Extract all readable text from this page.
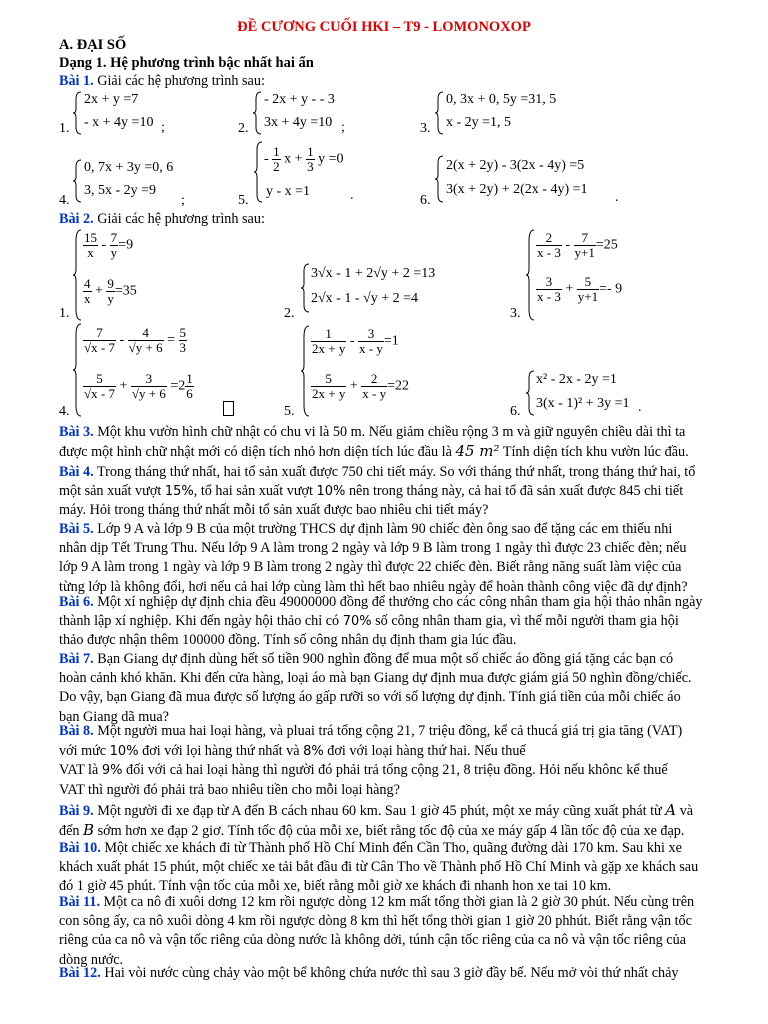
ĐỀ CƯƠNG CUỐI HKI – T9 - LOMONOXOP
A. ĐẠI SỐ
Dạng 1. Hệ phương trình bậc nhất hai ẩn
Bài 1. Giải các hệ phương trình sau:
1.
2x + y =7
- x + 4y =10 ;	2.
- 2x + y - - 3
3x + 4y =10 ;	3.
0, 3x + 0, 5y =31, 5
x - 2y =1, 5
4.
0, 7x + 3y =0, 6
3, 5x - 2y =9
;	5.
- $\frac{1}{2}$ $x + \frac{1}{3}$ y =0
y - x =1	.	6.
2(x + 2y) - 3(2x - 4y) =5
3(x + 2y) + 2(2x - 4y) =1
.
Bài 2. Giải các hệ phương trình sau:
1.
$\frac{15}{x} - \frac{7}{y} =9$
$\frac{4}{x} + \frac{9}{y} =35$
2.
3√x - 1 + 2√y + 2 =13
2√x - 1 - √y + 2 =4
3.
$\frac{2}{x - 3} - \frac{7}{y+1} =25$
$\frac{3}{x - 3} + \frac{5}{y+1} =- 9$
4.
$\frac{7}{√x - 7} - \frac{4}{√y + 6} = \frac{5}{3}$
$\frac{5}{√x - 7} + \frac{3}{√y + 6} =2 \frac{1}{6}$
5.
$\frac{1}{2x + y} - \frac{3}{x - y} =1$
$\frac{5}{2x + y} + \frac{2}{x - y} =22$
6.
x² - 2x - 2y =1
3(x - 1)² + 3y =1 .
Bài 3. Một khu vườn hình chữ nhật có chu vi là 50 m. Nếu giảm chiều rộng 3 m và giữ nguyên chiều dài thì ta
được một hình chữ nhật mới có diện tích nhỏ hơn diện tích lúc đầu là 45 m² Tính diện tích khu vườn lúc đầu.
Bài 4. Trong tháng thứ nhất, hai tổ sản xuất được 750 chi tiết máy. So với tháng thứ nhất, trong tháng thứ hai, tổ
một sản xuất vượt 15%, tổ hai sản xuất vượt 10% nên trong tháng này, cả hai tổ đã sản xuất được 845 chi tiết
máy. Hỏi trong tháng thứ nhất mỗi tổ sản xuất được bao nhiêu chi tiết máy?
Bài 5. Lớp 9 A và lớp 9 B của một trường THCS dự định làm 90 chiếc đèn ông sao để tặng các em thiếu nhi
nhân dịp Tết Trung Thu. Nếu lớp 9 A làm trong 2 ngày và lớp 9 B làm trong 1 ngày thì được 23 chiếc đèn; nếu
lớp 9 A làm trong 1 ngày và lớp 9 B làm trong 2 ngày thì được 22 chiếc đèn. Biết rằng năng suất làm việc của
từng lớp là không đổi, hơi nếu cả hai lớp cùng làm thì hết bao nhiêu ngày để hoàn thành công việc đã dự định?
Bài 6. Một xí nghiệp dự định chia đều 49000000 đồng để thưởng cho các công nhân tham gia hội thảo nhân ngày
thành lập xí nghiệp. Khi đến ngày hội thảo chỉ có 70% số công nhân tham gia, vì thế mỗi người tham gia hội
thảo được nhận thêm 100000 đồng. Tính số công nhân dụ định tham gia lúc đầu.
Bài 7. Bạn Giang dự định dùng hết số tiền 900 nghìn đồng để mua một số chiếc áo đồng giá tặng các bạn có
hoàn cảnh khó khăn. Khi đến cửa hàng, loại áo mà bạn Giang dự định mua được giám giá 50 nghìn đồng/chiếc.
Do vậy, bạn Giang đã mua được số lượng áo gấp rưỡi so với số lượng dự định. Tính giá tiền của mỗi chiếc áo
bạn Giang dã mua?
Bài 8. Một người mua hai loại hàng, và pluai trá tổng cộng 21, 7 triệu đồng, kể cả thucá giá trị gia tăng (VAT)
với mức 10% đơi với lọi hàng thứ nhất và 8% đơi với loại hàng thứ hai. Nếu thuế
VAT là 9% đối với cả hai loại hàng thì người đó phải trả tổng cộng 21, 8 triệu đồng. Hỏi nếu khônc kể thuế
VAT thì người đó phải trả bao nhiêu tiền cho mỗi loại hàng?
Bài 9. Một người đi xe đạp từ A đến B cách nhau 60 km. Sau 1 giờ 45 phút, một xe máy cũng xuất phát từ A và
đến B sớm hơn xe đạp 2 giơ. Tính tốc độ của mỗi xe, biết rằng tốc độ của xe máy gấp 4 lần tốc độ của xe đạp.
Bài 10. Một chiếc xe khách đi từ Thành phố Hồ Chí Minh đến Cần Tho, quãng đường dài 170 km. Sau khi xe
khách xuất phát 15 phút, một chiếc xe tải bắt đầu đi từ Cân Tho về Thành phố Hồ Chí Minh và gặp xe khách sau
đó 1 giờ 45 phút. Tính vận tốc của mỗi xe, biết rằng mỗi giờ xe khách đi nhanh hon xe tai 10 km.
Bài 11. Một ca nô đi xuôi dơng 12 km rồi ngược dòng 12 km mất tổng thời gian là 2 giờ 30 phút. Nếu cùng trên
con sông ấy, ca nô xuôi dòng 4 km rồi ngược dòng 8 km thì hết tổng thời gian 1 giờ 20 phhút. Biết rằng vận tốc
riêng của ca nô và vận tốc riêng của dòng nước là không dởi, túnh cận tốc riêng của ca nô và vận tốc riêng của
dòng nước.
Bài 12. Hai vòi nước cùng chảy vào một bể không chứa nước thì sau 3 giờ đầy bể. Nếu mở vòi thứ nhất chảy
